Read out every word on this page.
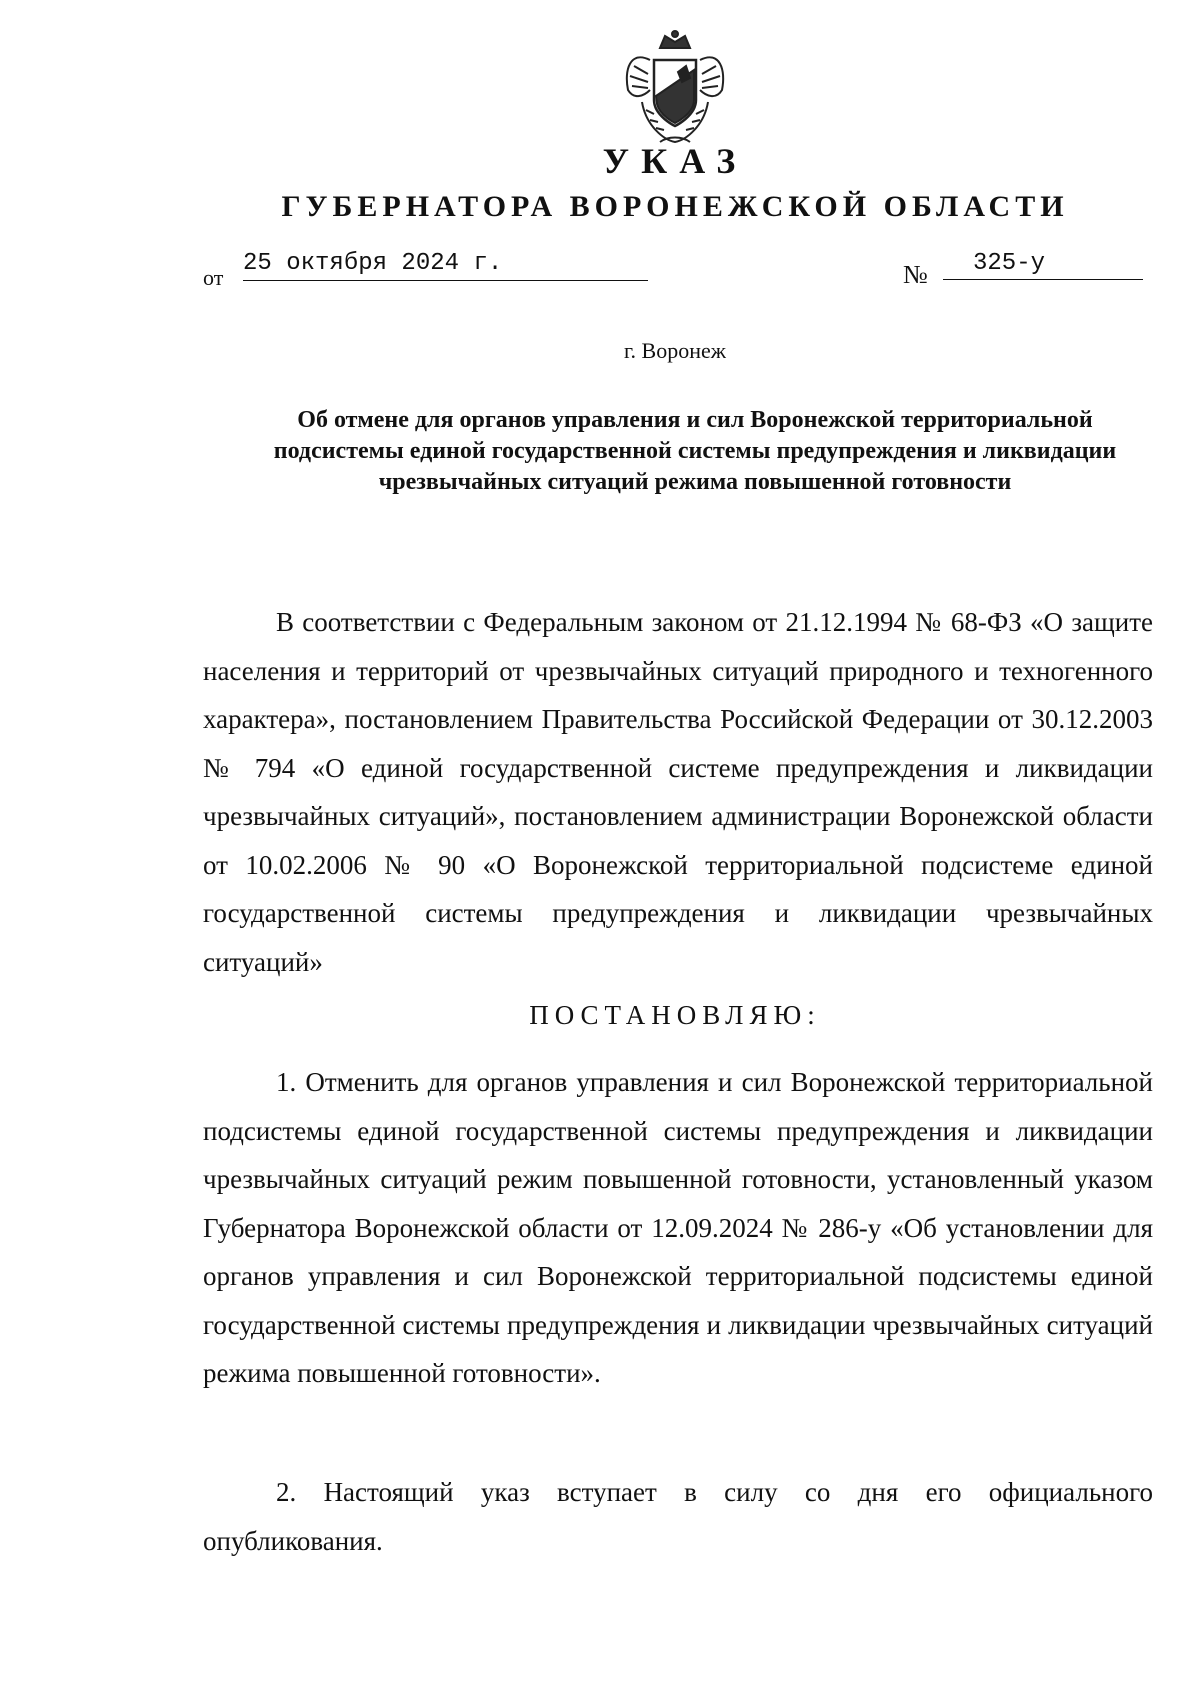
УКАЗ
ГУБЕРНАТОРА ВОРОНЕЖСКОЙ ОБЛАСТИ
от
25 октября 2024 г.	№	325-у
г. Воронеж
Об отмене для органов управления и сил Воронежской территориальной подсистемы единой государственной системы предупреждения и ликвидации чрезвычайных ситуаций режима повышенной готовности
В соответствии с Федеральным законом от 21.12.1994 № 68-ФЗ «О защите населения и территорий от чрезвычайных ситуаций природного и техногенного характера», постановлением Правительства Российской Федерации от 30.12.2003 № 794 «О единой государственной системе предупреждения и ликвидации чрезвычайных ситуаций», постановлением администрации Воронежской области от 10.02.2006 № 90 «О Воронежской территориальной подсистеме единой государственной системы предупреждения и ликвидации чрезвычайных ситуаций»
ПОСТАНОВЛЯЮ:
1. Отменить для органов управления и сил Воронежской территориальной подсистемы единой государственной системы предупреждения и ликвидации чрезвычайных ситуаций режим повышенной готовности, установленный указом Губернатора Воронежской области от 12.09.2024 № 286-у «Об установлении для органов управления и сил Воронежской территориальной подсистемы единой государственной системы предупреждения и ликвидации чрезвычайных ситуаций режима повышенной готовности».
2. Настоящий указ вступает в силу со дня его официального опубликования.
